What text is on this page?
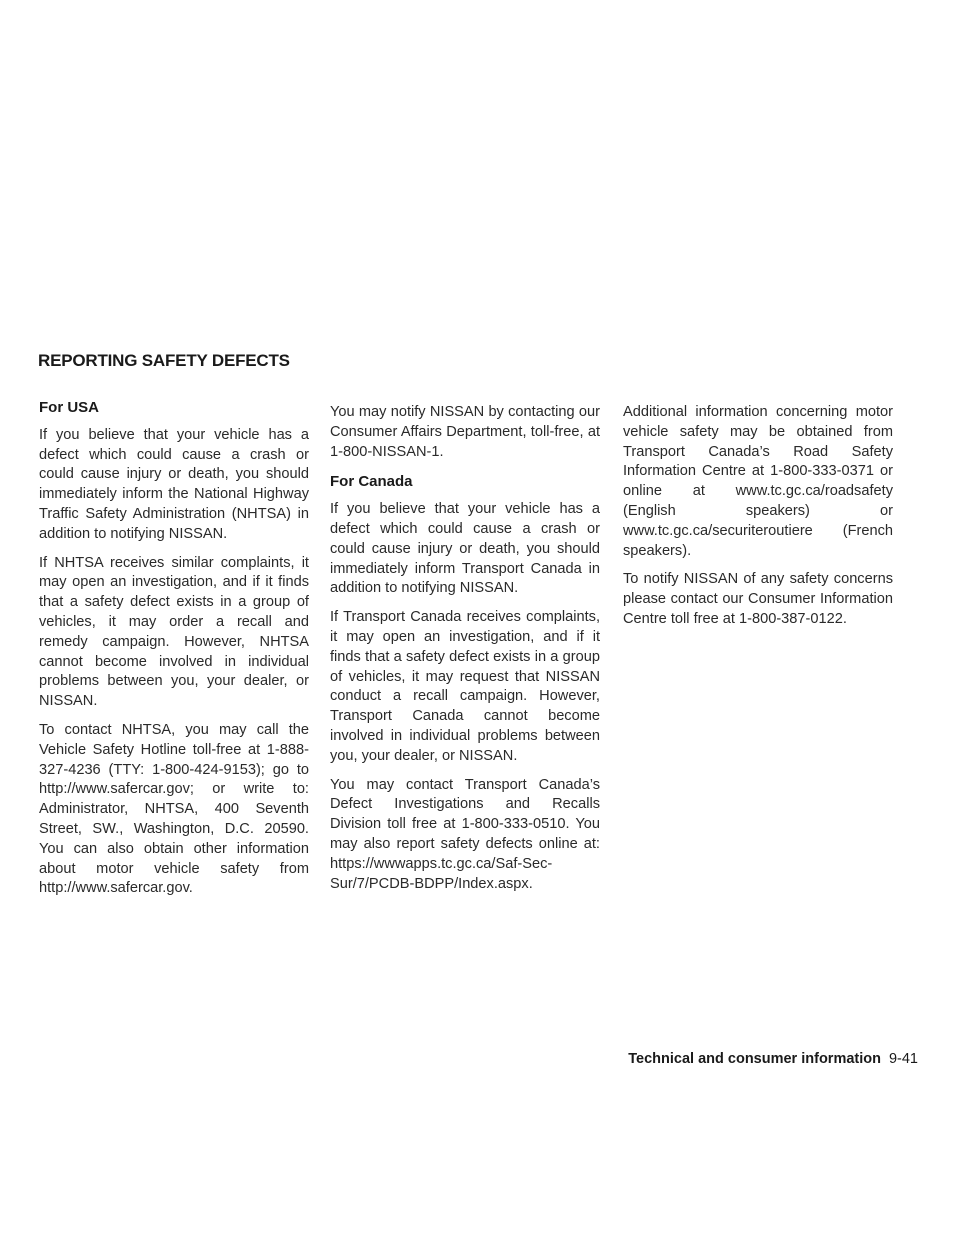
REPORTING SAFETY DEFECTS
For USA

If you believe that your vehicle has a defect which could cause a crash or could cause injury or death, you should immediately inform the National Highway Traffic Safety Administration (NHTSA) in addition to notifying NISSAN.

If NHTSA receives similar complaints, it may open an investigation, and if it finds that a safety defect exists in a group of vehicles, it may order a recall and remedy campaign. However, NHTSA cannot become involved in individual problems between you, your dealer, or NISSAN.

To contact NHTSA, you may call the Vehicle Safety Hotline toll-free at 1-888-327-4236 (TTY: 1-800-424-9153); go to http://www.safercar.gov; or write to: Administrator, NHTSA, 400 Seventh Street, SW., Washington, D.C. 20590. You can also obtain other information about motor vehicle safety from http://www.safercar.gov.

You may notify NISSAN by contacting our Consumer Affairs Department, toll-free, at 1-800-NISSAN-1.

For Canada

If you believe that your vehicle has a defect which could cause a crash or could cause injury or death, you should immediately inform Transport Canada in addition to notifying NISSAN.

If Transport Canada receives complaints, it may open an investigation, and if it finds that a safety defect exists in a group of vehicles, it may request that NISSAN conduct a recall campaign. However, Transport Canada cannot become involved in individual problems between you, your dealer, or NISSAN.

You may contact Transport Canada’s Defect Investigations and Recalls Division toll free at 1-800-333-0510. You may also report safety defects online at: https://wwwapps.tc.gc.ca/Saf-Sec-Sur/7/PCDB-BDPP/Index.aspx.

Additional information concerning motor vehicle safety may be obtained from Transport Canada’s Road Safety Information Centre at 1-800-333-0371 or online at www.tc.gc.ca/roadsafety (English speakers) or www.tc.gc.ca/securiteroutiere (French speakers).

To notify NISSAN of any safety concerns please contact our Consumer Information Centre toll free at 1-800-387-0122.

Technical and consumer information 9-41
